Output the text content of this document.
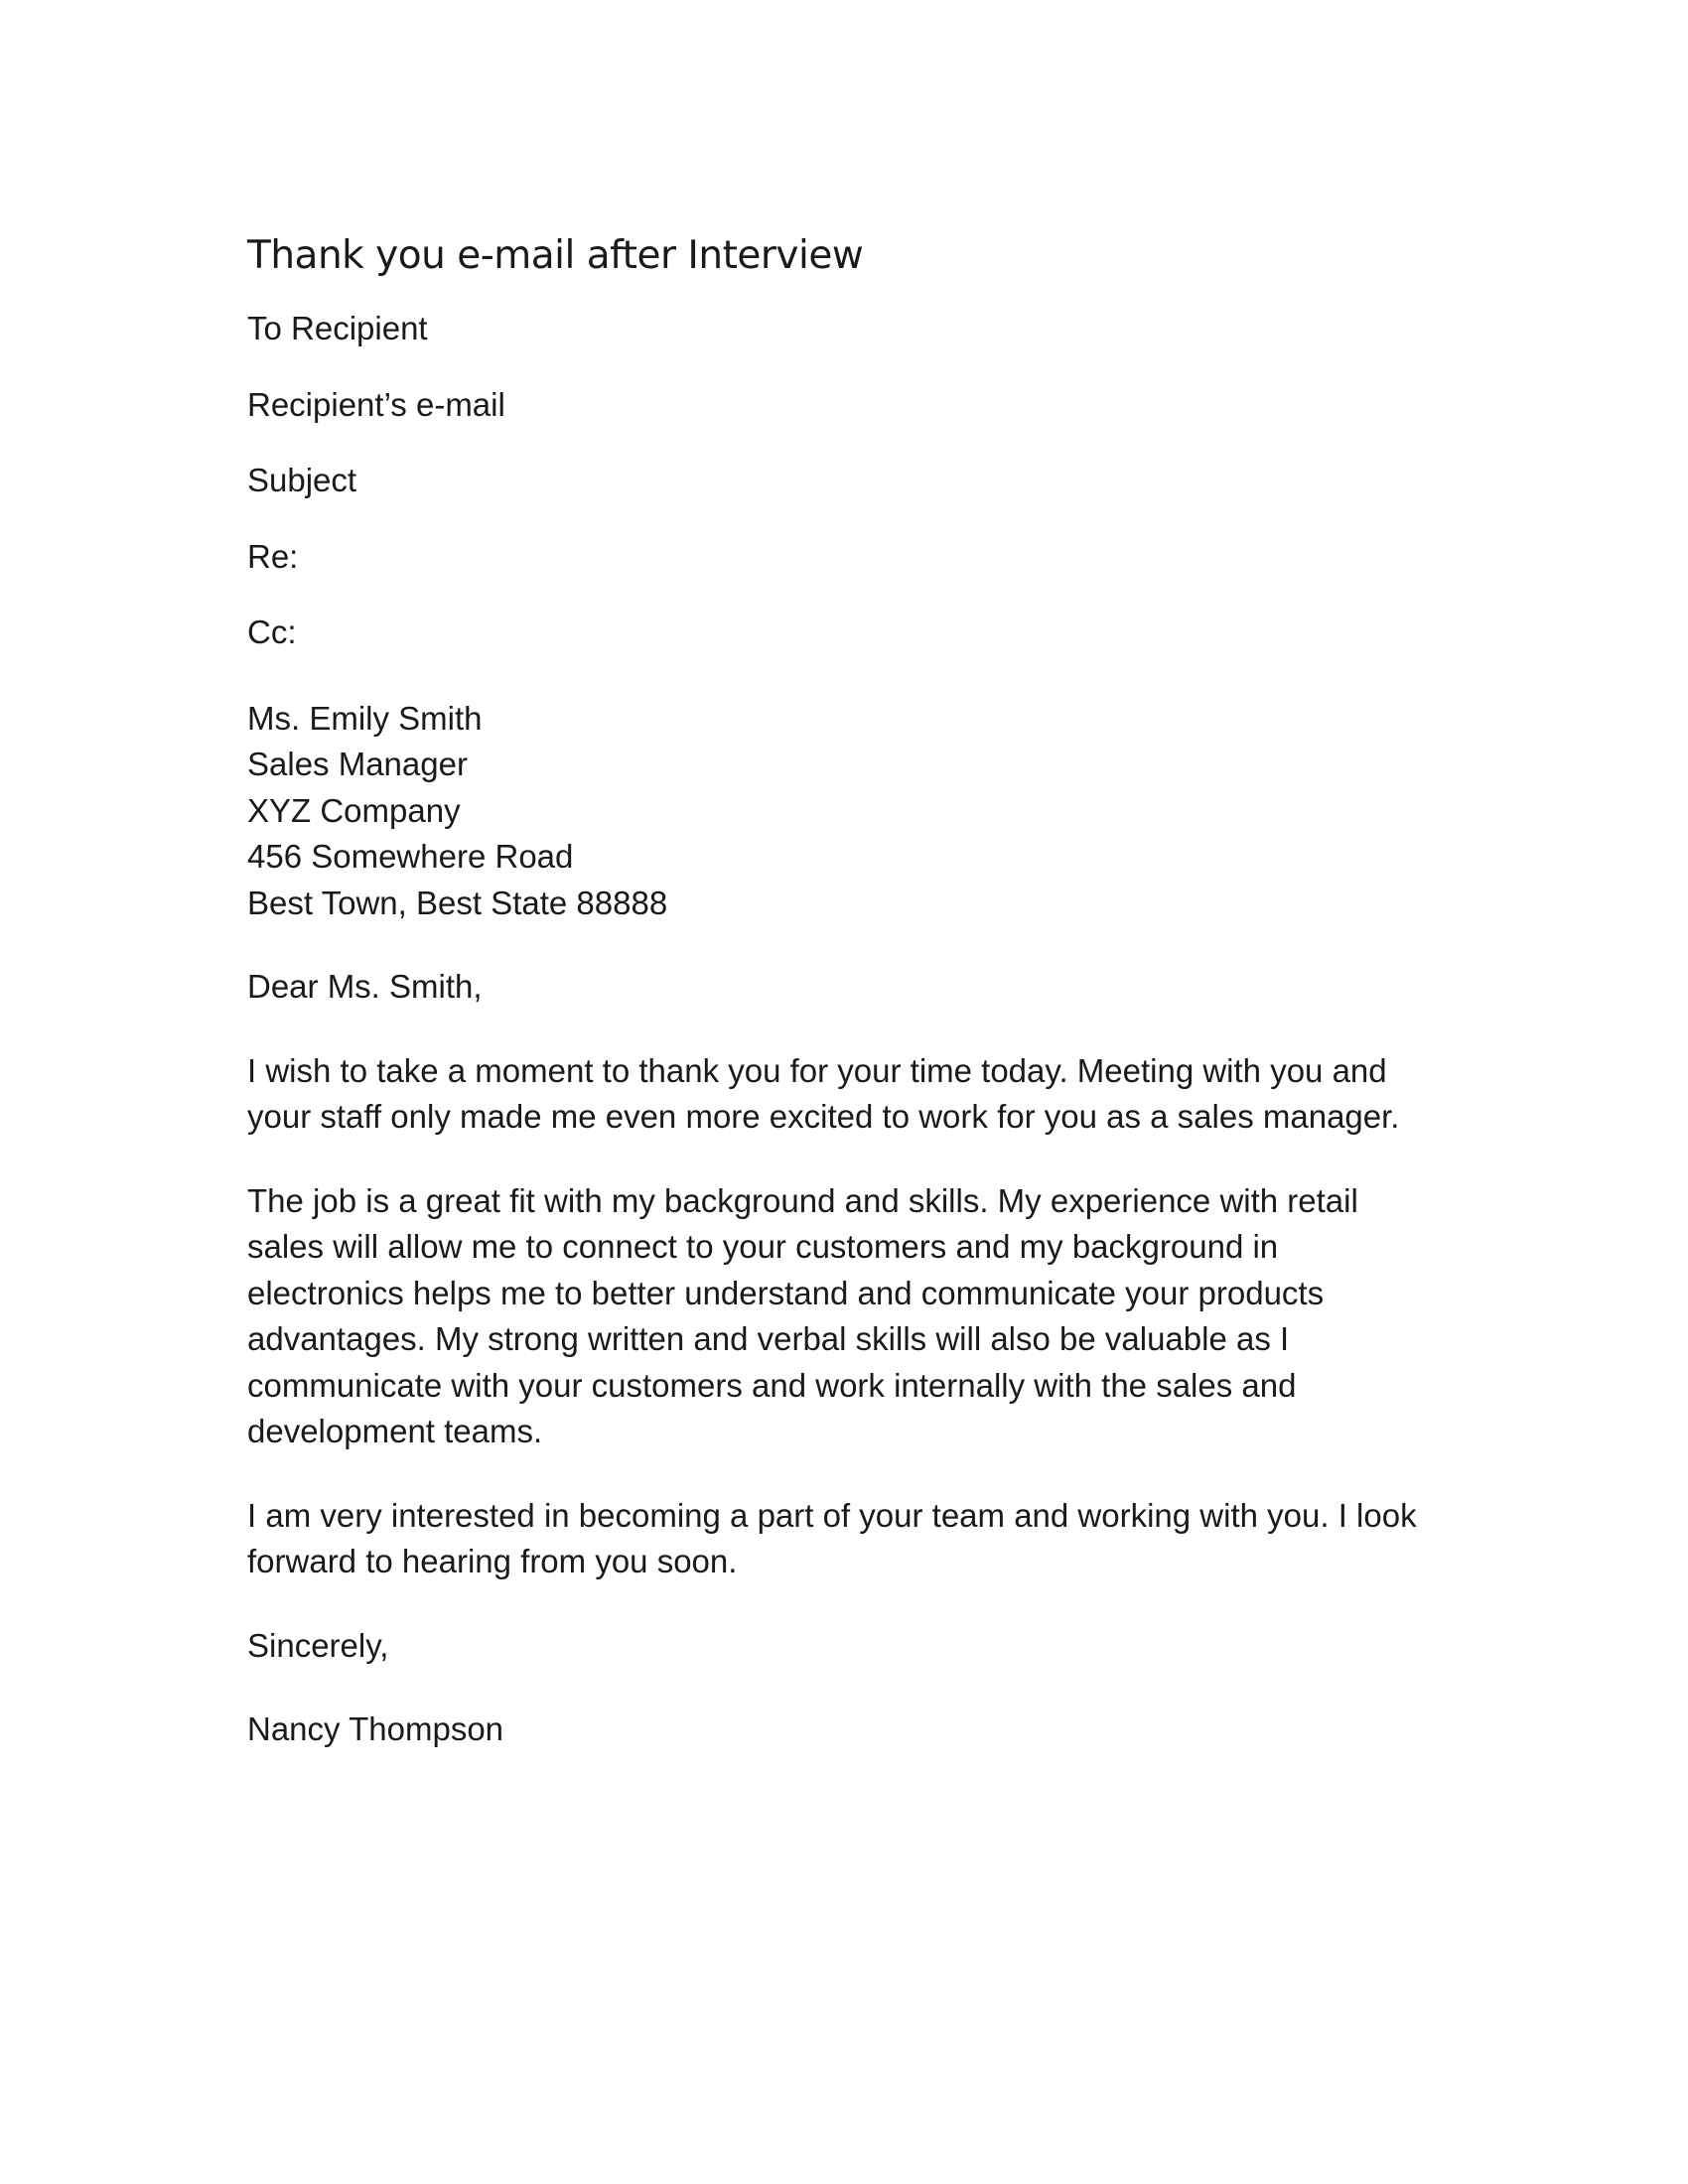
Thank you e-mail after Interview

To Recipient

Recipient’s e-mail

Subject

Re:

Cc:

Ms. Emily Smith

Sales Manager

XYZ Company

456 Somewhere Road

Best Town, Best State 88888

Dear Ms. Smith,

I wish to take a moment to thank you for your time today. Meeting with you and
your staff only made me even more excited to work for you as a sales manager.

The job is a great fit with my background and skills. My experience with retail
sales will allow me to connect to your customers and my background in
electronics helps me to better understand and communicate your products
advantages. My strong written and verbal skills will also be valuable as I
communicate with your customers and work internally with the sales and
development teams.

I am very interested in becoming a part of your team and working with you. I look
forward to hearing from you soon.

Sincerely,

Nancy Thompson
